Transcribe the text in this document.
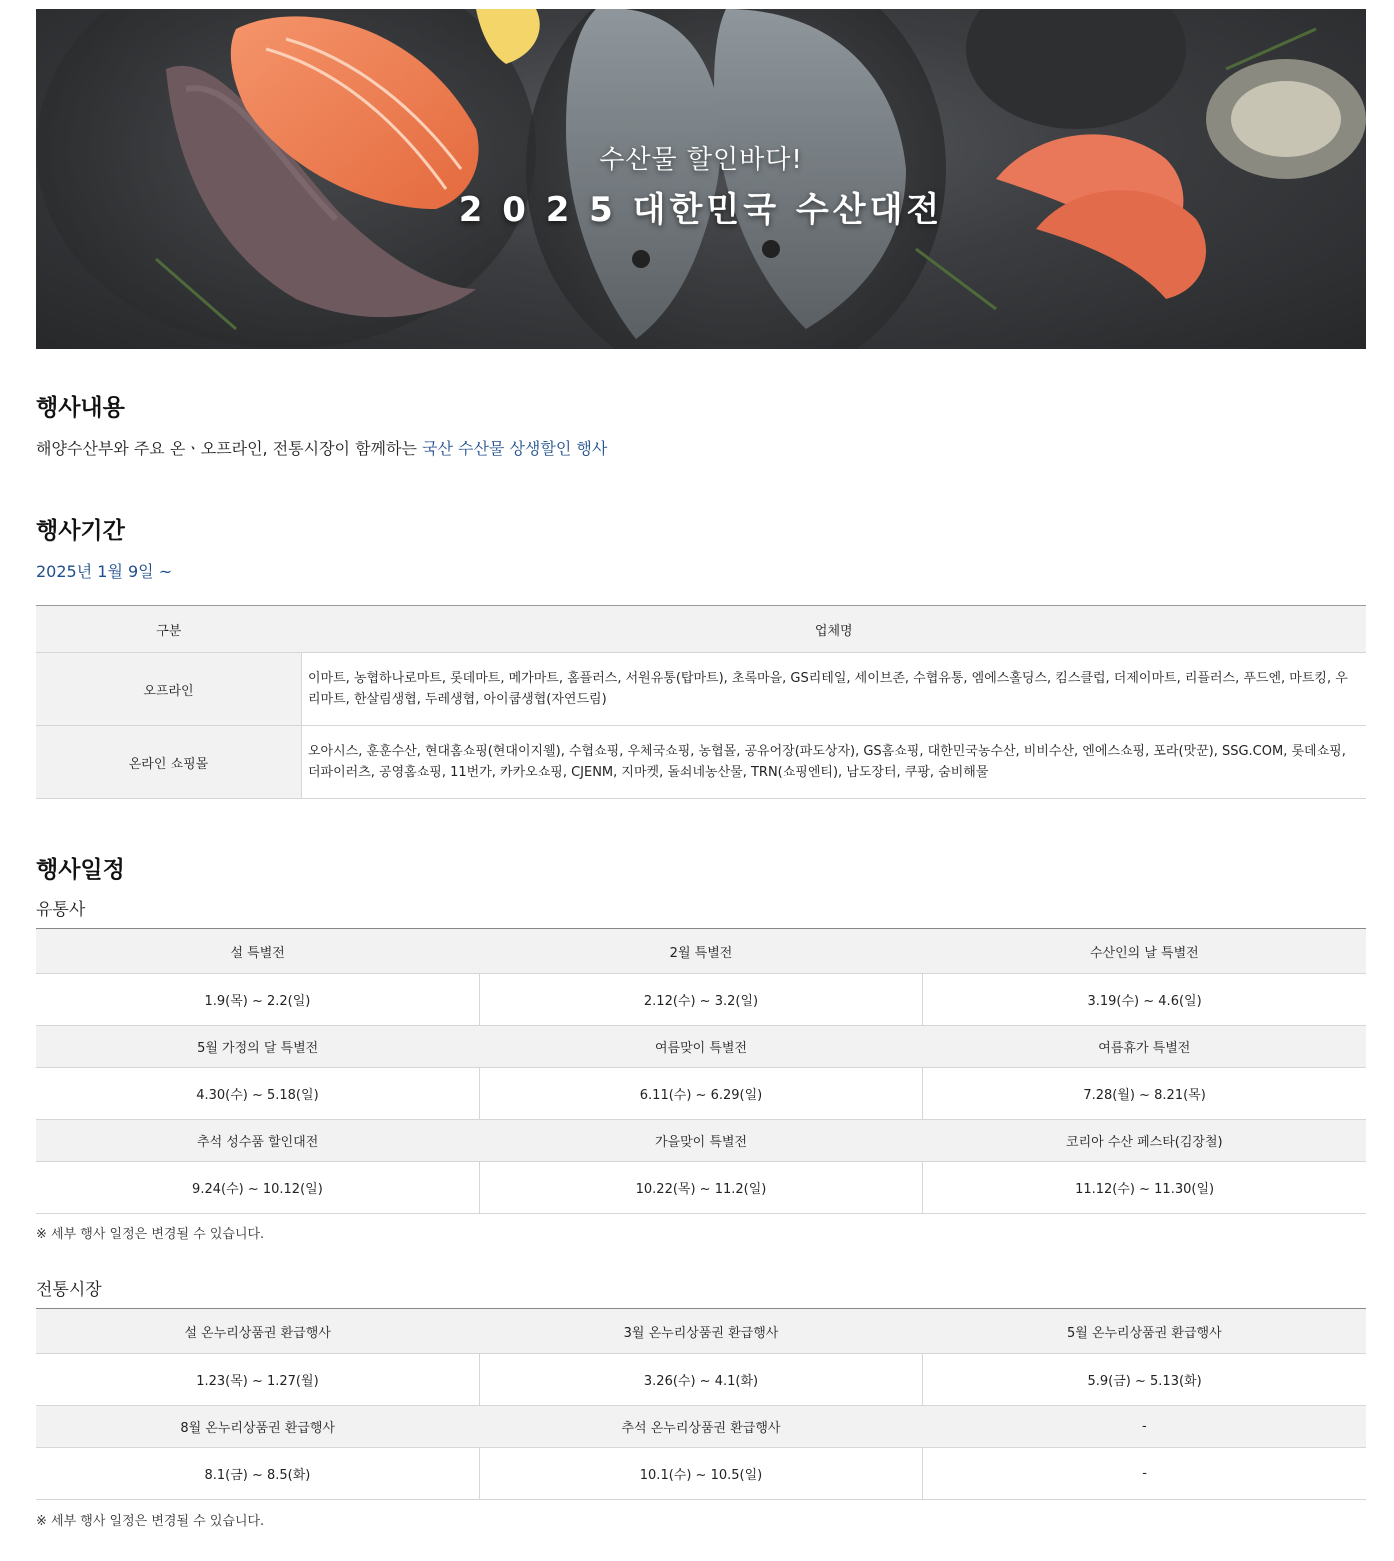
수산물 할인바다!
2 0 2 5 대한민국 수산대전
행사내용

해양수산부와 주요 온ㆍ오프라인, 전통시장이 함께하는 국산 수산물 상생할인 행사

행사기간
2025년 1월 9일 ~
구분	업체명
오프라인	이마트, 농협하나로마트, 롯데마트, 메가마트, 홈플러스, 서원유통(탑마트), 초록마을, GS리테일, 세이브존, 수협유통, 엠에스홀딩스, 킴스클럽, 더제이마트, 리플러스, 푸드엔, 마트킹, 우리마트, 한살림생협, 두레생협, 아이쿱생협(자연드림)
온라인 쇼핑몰	오아시스, 훈훈수산, 현대홈쇼핑(현대이지웰), 수협쇼핑, 우체국쇼핑, 농협몰, 공유어장(파도상자), GS홈쇼핑, 대한민국농수산, 비비수산, 엔에스쇼핑, 포라(맛꾼), SSG.COM, 롯데쇼핑, 더파이러츠, 공영홈쇼핑, 11번가, 카카오쇼핑, CJENM, 지마켓, 돌쇠네농산물, TRN(쇼핑엔티), 남도장터, 쿠팡, 숨비해물
행사일정
유통사
설 특별전	2월 특별전	수산인의 날 특별전
1.9(목) ~ 2.2(일)	2.12(수) ~ 3.2(일)	3.19(수) ~ 4.6(일)
5월 가정의 달 특별전	여름맞이 특별전	여름휴가 특별전
4.30(수) ~ 5.18(일)	6.11(수) ~ 6.29(일)	7.28(월) ~ 8.21(목)
추석 성수품 할인대전	가을맞이 특별전	코리아 수산 페스타(김장철)
9.24(수) ~ 10.12(일)	10.22(목) ~ 11.2(일)	11.12(수) ~ 11.30(일)
※ 세부 행사 일정은 변경될 수 있습니다.
전통시장
설 온누리상품권 환급행사	3월 온누리상품권 환급행사	5월 온누리상품권 환급행사
1.23(목) ~ 1.27(월)	3.26(수) ~ 4.1(화)	5.9(금) ~ 5.13(화)
8월 온누리상품권 환급행사	추석 온누리상품권 환급행사	-
8.1(금) ~ 8.5(화)	10.1(수) ~ 10.5(일)	-
※ 세부 행사 일정은 변경될 수 있습니다.
